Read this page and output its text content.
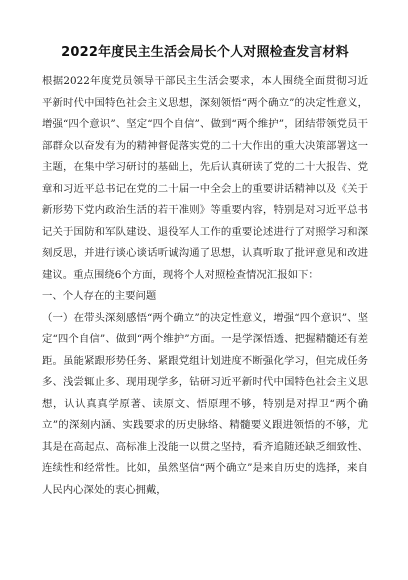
2022年度民主生活会局长个人对照检查发言材料

根据2022年度党员领导干部民主生活会要求，本人围绕全面贯彻习近平新时代中国特色社会主义思想，深刻领悟“两个确立”的决定性意义，增强“四个意识”、坚定“四个自信”、做到“两个维护”，团结带领党员干部群众以奋发有为的精神督促落实党的二十大作出的重大决策部署这一主题，在集中学习研讨的基础上，先后认真研读了党的二十大报告、党章和习近平总书记在党的二十届一中全会上的重要讲话精神以及《关于新形势下党内政治生活的若干准则》等重要内容，特别是对习近平总书记关于国防和军队建设、退役军人工作的重要论述进行了对照学习和深刻反思，并进行谈心谈话听诚沟通了思想，认真听取了批评意见和改进建议。重点围绕6个方面，现将个人对照检查情况汇报如下：

一、个人存在的主要问题

（一）在带头深刻感悟“两个确立”的决定性意义，增强“四个意识”、坚定“四个自信”、做到“两个维护”方面。一是学深悟透、把握精髓还有差距。虽能紧跟形势任务、紧跟党组计划进度不断强化学习，但完成任务多、浅尝辄止多、现用现学多，钻研习近平新时代中国特色社会主义思想，认认真真学原著、读原文、悟原理不够，特别是对捍卫“两个确立”的深刻内涵、实践要求的历史脉络、精髓要义跟进领悟的不够，尤其是在高起点、高标准上没能一以贯之坚持，看齐追随还缺乏细致性、连续性和经常性。比如，虽然坚信“两个确立”是来自历史的选择，来自人民内心深处的衷心拥戴，
